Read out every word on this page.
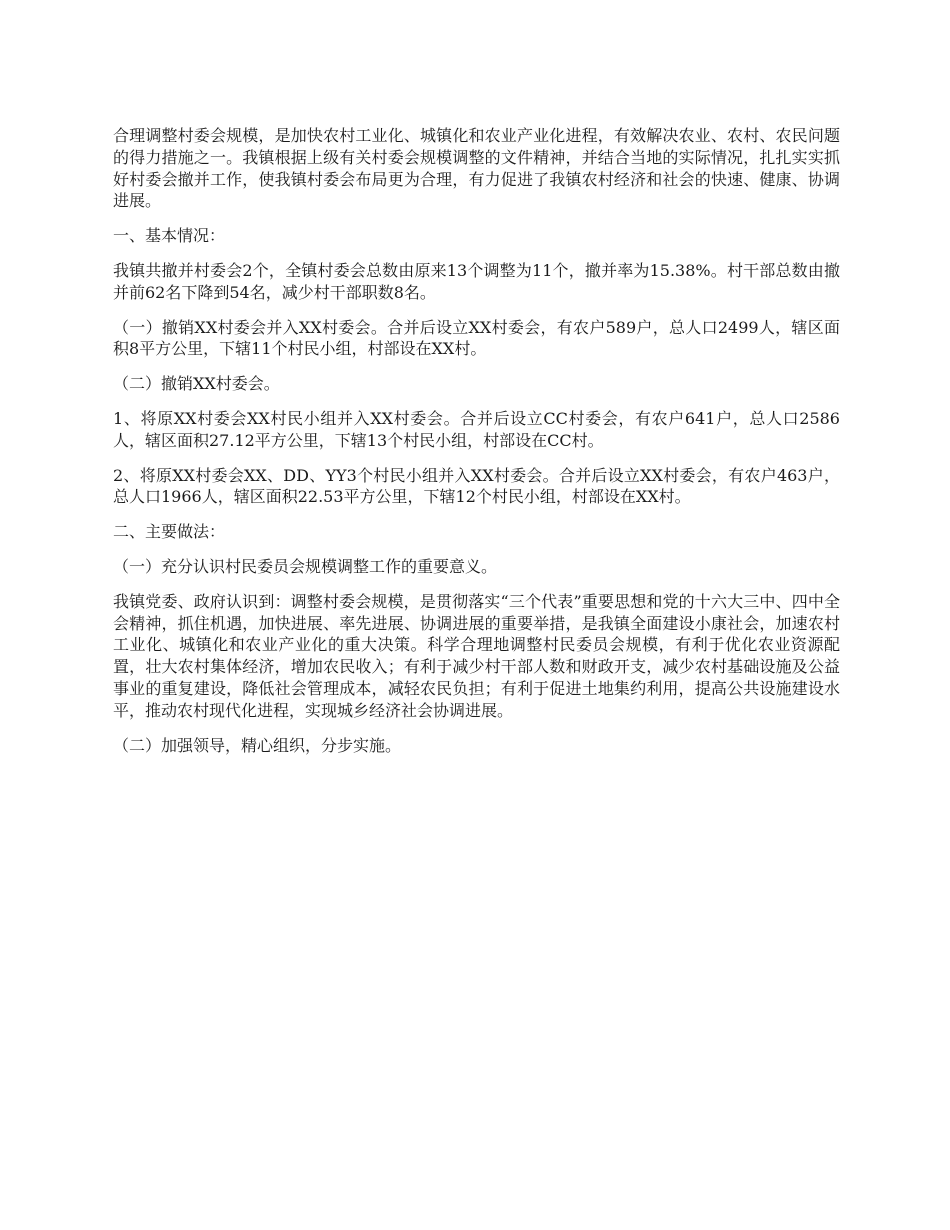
合理调整村委会规模，是加快农村工业化、城镇化和农业产业化进程，有效解决农业、农村、农民问题的得力措施之一。我镇根据上级有关村委会规模调整的文件精神，并结合当地的实际情况，扎扎实实抓好村委会撤并工作，使我镇村委会布局更为合理，有力促进了我镇农村经济和社会的快速、健康、协调进展。

一、基本情况：

我镇共撤并村委会2个，全镇村委会总数由原来13个调整为11个，撤并率为15.38%。村干部总数由撤并前62名下降到54名，减少村干部职数8名。

（一）撤销XX村委会并入XX村委会。合并后设立XX村委会，有农户589户，总人口2499人，辖区面积8平方公里，下辖11个村民小组，村部设在XX村。

（二）撤销XX村委会。

1、将原XX村委会XX村民小组并入XX村委会。合并后设立CC村委会，有农户641户，总人口2586人，辖区面积27.12平方公里，下辖13个村民小组，村部设在CC村。

2、将原XX村委会XX、DD、YY3个村民小组并入XX村委会。合并后设立XX村委会，有农户463户，总人口1966人，辖区面积22.53平方公里，下辖12个村民小组，村部设在XX村。

二、主要做法：

（一）充分认识村民委员会规模调整工作的重要意义。

我镇党委、政府认识到：调整村委会规模，是贯彻落实“三个代表”重要思想和党的十六大三中、四中全会精神，抓住机遇，加快进展、率先进展、协调进展的重要举措，是我镇全面建设小康社会，加速农村工业化、城镇化和农业产业化的重大决策。科学合理地调整村民委员会规模，有利于优化农业资源配置，壮大农村集体经济，增加农民收入；有利于减少村干部人数和财政开支，减少农村基础设施及公益事业的重复建设，降低社会管理成本，减轻农民负担；有利于促进土地集约利用，提高公共设施建设水平，推动农村现代化进程，实现城乡经济社会协调进展。

（二）加强领导，精心组织，分步实施。
